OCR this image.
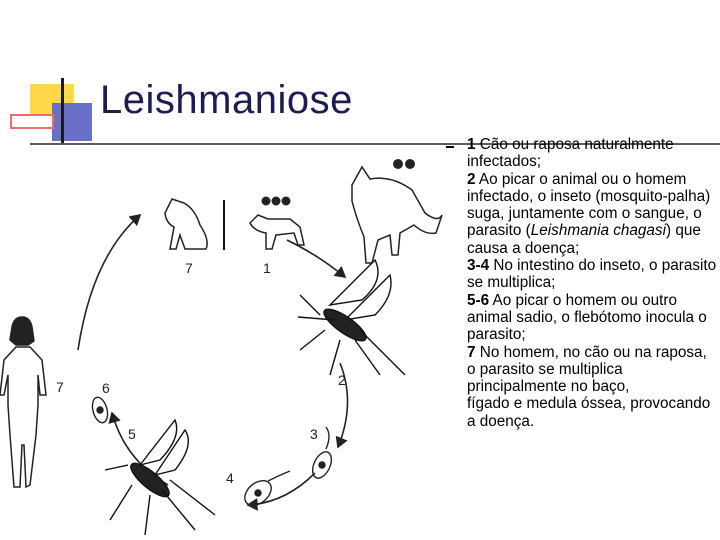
Leishmaniose
7	1
2
3
4
5
6
7

1 Cão ou raposa naturalmente infectados;

2 Ao picar o animal ou o homem infectado, o inseto (mosquito-palha) suga, juntamente com o sangue, o parasito (Leishmania chagasi) que causa a doença;

3-4 No intestino do inseto, o parasito se multiplica;

5-6 Ao picar o homem ou outro animal sadio, o flebótomo inocula o parasito;

7 No homem, no cão ou na raposa, o parasito se multiplica principalmente no baço,

fígado e medula óssea, provocando a doença.
